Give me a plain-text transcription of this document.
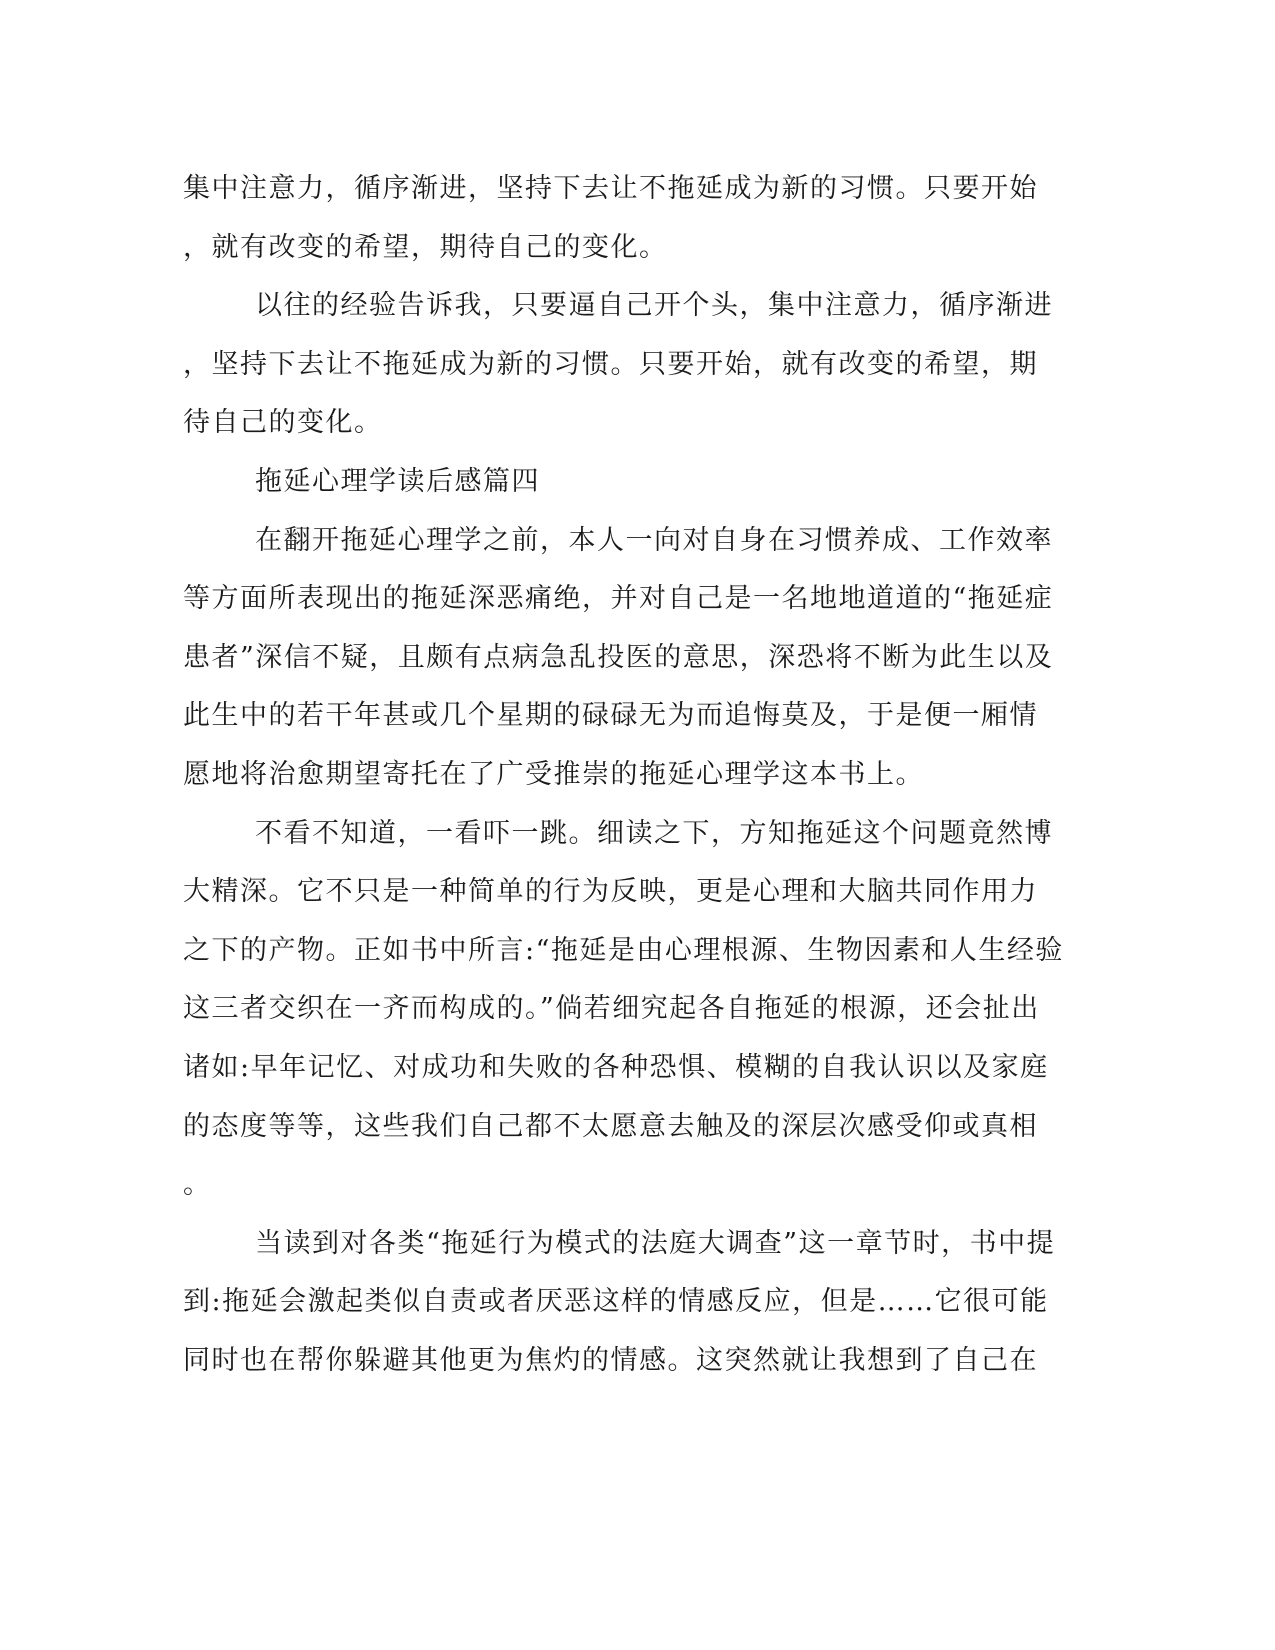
集中注意力，循序渐进，坚持下去让不拖延成为新的习惯。只要开始
，就有改变的希望，期待自己的变化。
以往的经验告诉我，只要逼自己开个头，集中注意力，循序渐进
，坚持下去让不拖延成为新的习惯。只要开始，就有改变的希望，期
待自己的变化。
拖延心理学读后感篇四
在翻开拖延心理学之前，本人一向对自身在习惯养成、工作效率
等方面所表现出的拖延深恶痛绝，并对自己是一名地地道道的“拖延症
患者”深信不疑，且颇有点病急乱投医的意思，深恐将不断为此生以及
此生中的若干年甚或几个星期的碌碌无为而追悔莫及，于是便一厢情
愿地将治愈期望寄托在了广受推崇的拖延心理学这本书上。
不看不知道，一看吓一跳。细读之下，方知拖延这个问题竟然博
大精深。它不只是一种简单的行为反映，更是心理和大脑共同作用力
之下的产物。正如书中所言:“拖延是由心理根源、生物因素和人生经验
这三者交织在一齐而构成的。”倘若细究起各自拖延的根源，还会扯出
诸如:早年记忆、对成功和失败的各种恐惧、模糊的自我认识以及家庭
的态度等等，这些我们自己都不太愿意去触及的深层次感受仰或真相
。
当读到对各类“拖延行为模式的法庭大调查”这一章节时，书中提
到:拖延会激起类似自责或者厌恶这样的情感反应，但是……它很可能
同时也在帮你躲避其他更为焦灼的情感。这突然就让我想到了自己在
